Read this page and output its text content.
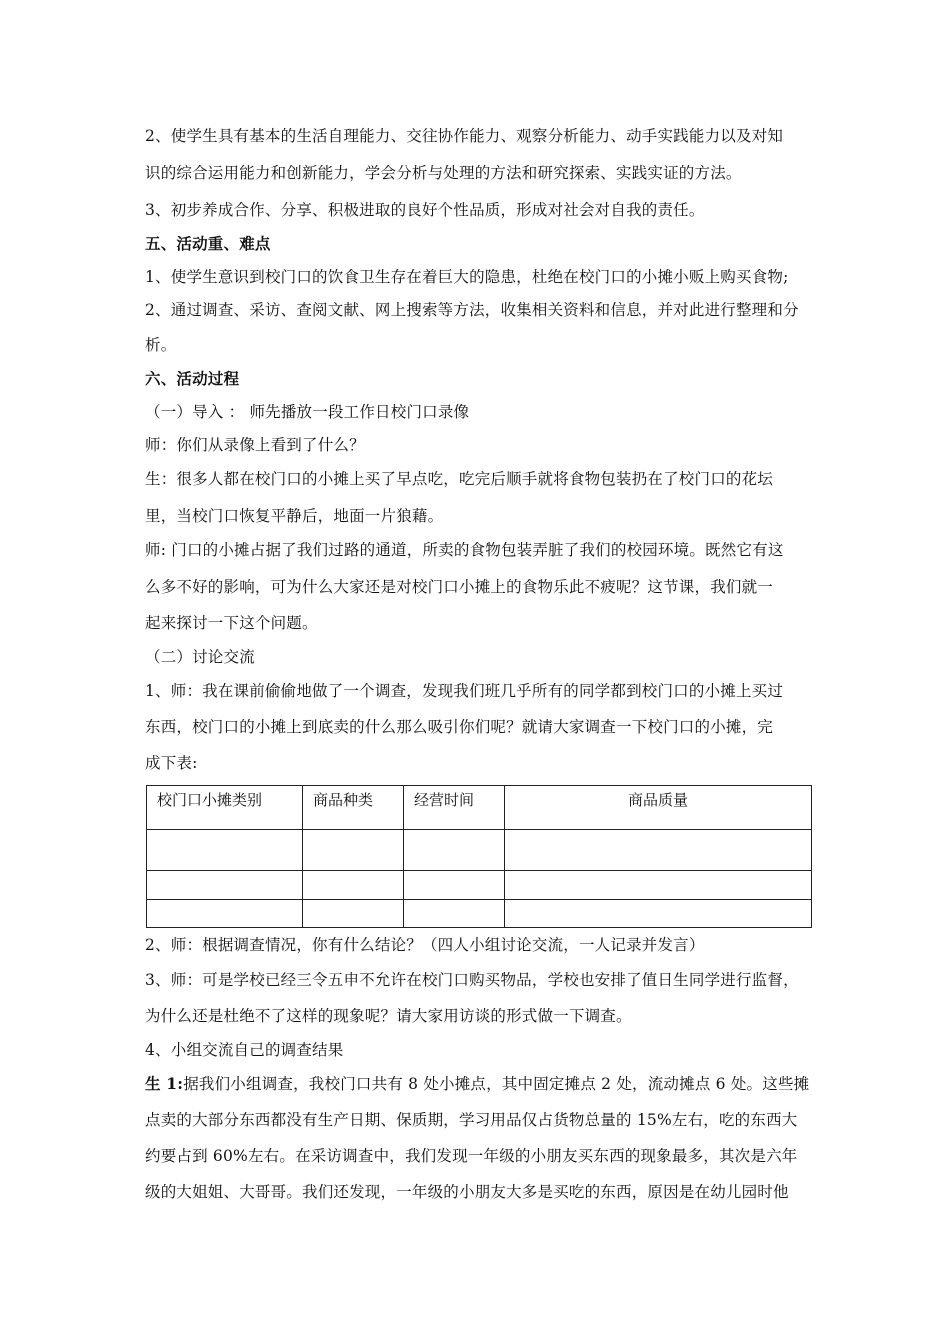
2、使学生具有基本的生活自理能力、交往协作能力、观察分析能力、动手实践能力以及对知
识的综合运用能力和创新能力，学会分析与处理的方法和研究探索、实践实证的方法。
3、初步养成合作、分享、积极进取的良好个性品质，形成对社会对自我的责任。
五、活动重、难点
1、使学生意识到校门口的饮食卫生存在着巨大的隐患，杜绝在校门口的小摊小贩上购买食物;
2、通过调查、采访、查阅文献、网上搜索等方法，收集相关资料和信息，并对此进行整理和分
析。
六、活动过程
（一）导入 ： 师先播放一段工作日校门口录像
师：你们从录像上看到了什么？
生：很多人都在校门口的小摊上买了早点吃，吃完后顺手就将食物包装扔在了校门口的花坛
里，当校门口恢复平静后，地面一片狼藉。
师: 门口的小摊占据了我们过路的通道，所卖的食物包装弄脏了我们的校园环境。既然它有这
么多不好的影响，可为什么大家还是对校门口小摊上的食物乐此不疲呢？这节课，我们就一
起来探讨一下这个问题。
（二）讨论交流
1、师：我在课前偷偷地做了一个调查，发现我们班几乎所有的同学都到校门口的小摊上买过
东西，校门口的小摊上到底卖的什么那么吸引你们呢？就请大家调查一下校门口的小摊，完
成下表:
校门口小摊类别	商品种类	经营时间	商品质量

2、师：根据调查情况，你有什么结论？（四人小组讨论交流，一人记录并发言）
3、师：可是学校已经三令五申不允许在校门口购买物品，学校也安排了值日生同学进行监督，
为什么还是杜绝不了这样的现象呢？请大家用访谈的形式做一下调查。
4、小组交流自己的调查结果
生 1:据我们小组调查，我校门口共有 8 处小摊点，其中固定摊点 2 处，流动摊点 6 处。这些摊
点卖的大部分东西都没有生产日期、保质期，学习用品仅占货物总量的 15%左右，吃的东西大
约要占到 60%左右。在采访调查中，我们发现一年级的小朋友买东西的现象最多，其次是六年
级的大姐姐、大哥哥。我们还发现，一年级的小朋友大多是买吃的东西，原因是在幼儿园时他
